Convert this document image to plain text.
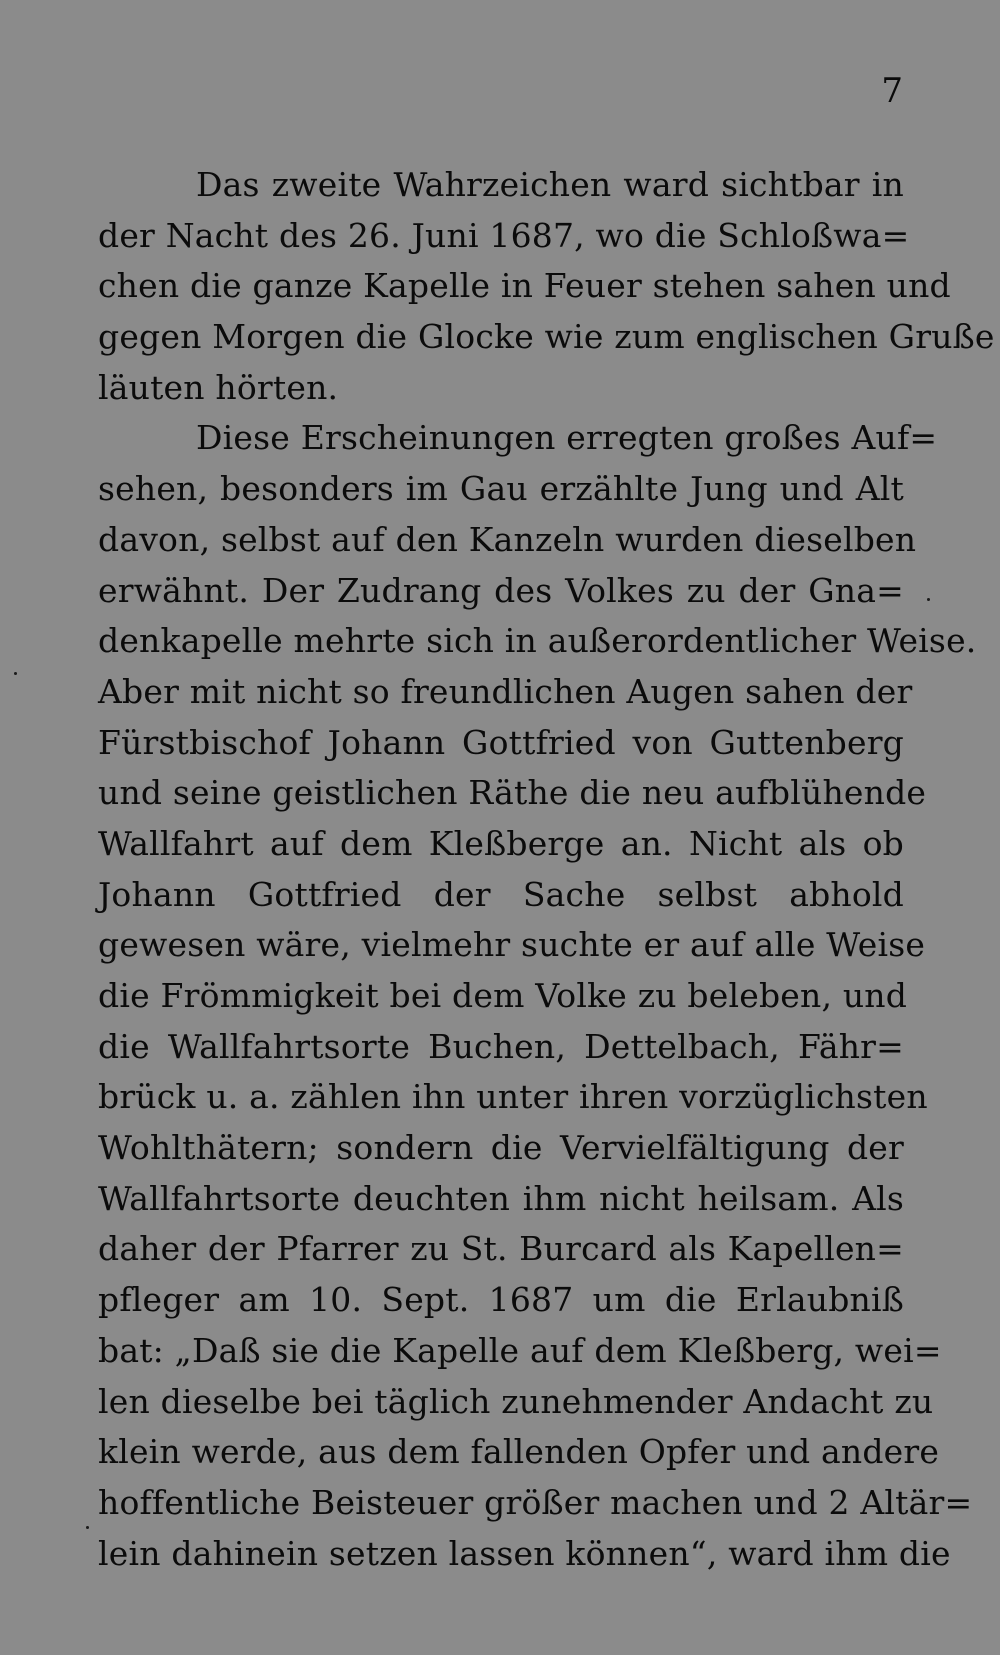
7
Das zweite Wahrzeichen ward sichtbar in
der Nacht des 26. Juni 1687, wo die Schloßwa=
chen die ganze Kapelle in Feuer stehen sahen und
gegen Morgen die Glocke wie zum englischen Gruße
läuten hörten.
Diese Erscheinungen erregten großes Auf=
sehen, besonders im Gau erzählte Jung und Alt
davon, selbst auf den Kanzeln wurden dieselben
erwähnt. Der Zudrang des Volkes zu der Gna=
denkapelle mehrte sich in außerordentlicher Weise.
Aber mit nicht so freundlichen Augen sahen der
Fürstbischof Johann Gottfried von Guttenberg
und seine geistlichen Räthe die neu aufblühende
Wallfahrt auf dem Kleßberge an. Nicht als ob
Johann Gottfried der Sache selbst abhold
gewesen wäre, vielmehr suchte er auf alle Weise
die Frömmigkeit bei dem Volke zu beleben, und
die Wallfahrtsorte Buchen, Dettelbach, Fähr=
brück u. a. zählen ihn unter ihren vorzüglichsten
Wohlthätern; sondern die Vervielfältigung der
Wallfahrtsorte deuchten ihm nicht heilsam. Als
daher der Pfarrer zu St. Burcard als Kapellen=
pfleger am 10. Sept. 1687 um die Erlaubniß
bat: „Daß sie die Kapelle auf dem Kleßberg, wei=
len dieselbe bei täglich zunehmender Andacht zu
klein werde, aus dem fallenden Opfer und andere
hoffentliche Beisteuer größer machen und 2 Altär=
lein dahinein setzen lassen können“, ward ihm die
